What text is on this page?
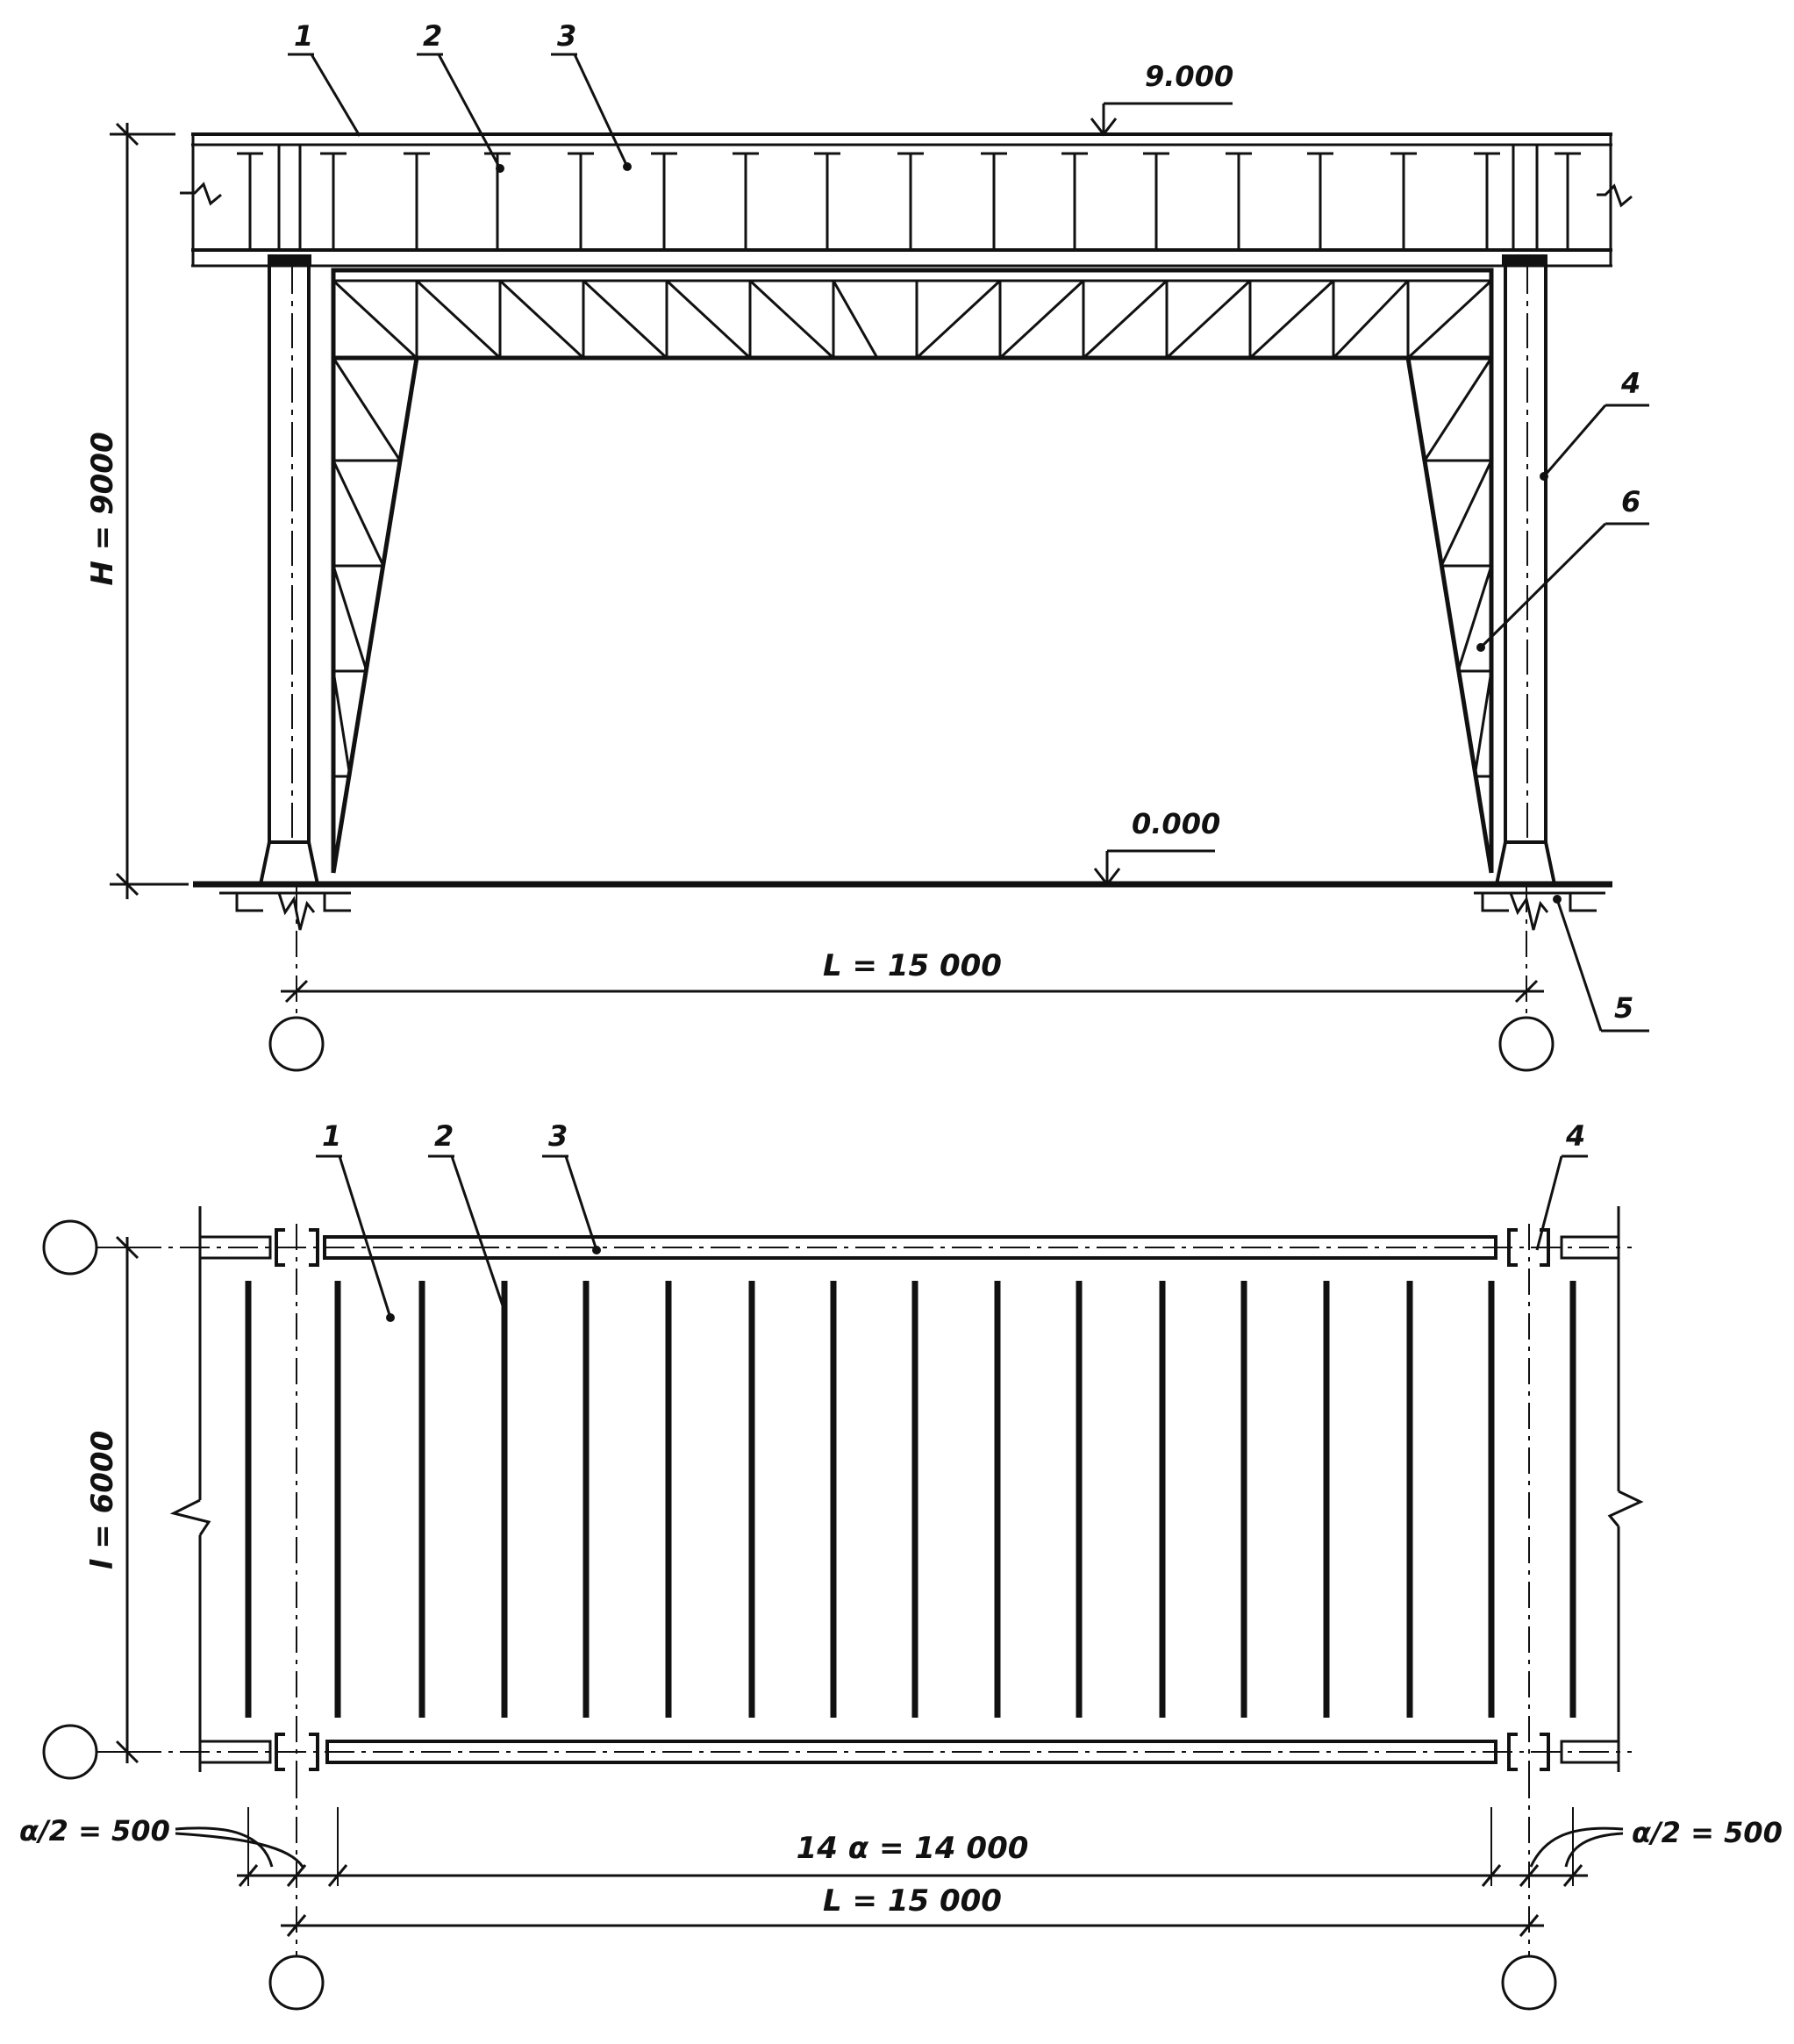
L = 15 000
H = 9000
9.000
0.000
1	2	3
4
5
6
l = 6000
14 α = 14 000
L = 15 000
α/2 = 500	α/2 = 500
1	2	3	4
